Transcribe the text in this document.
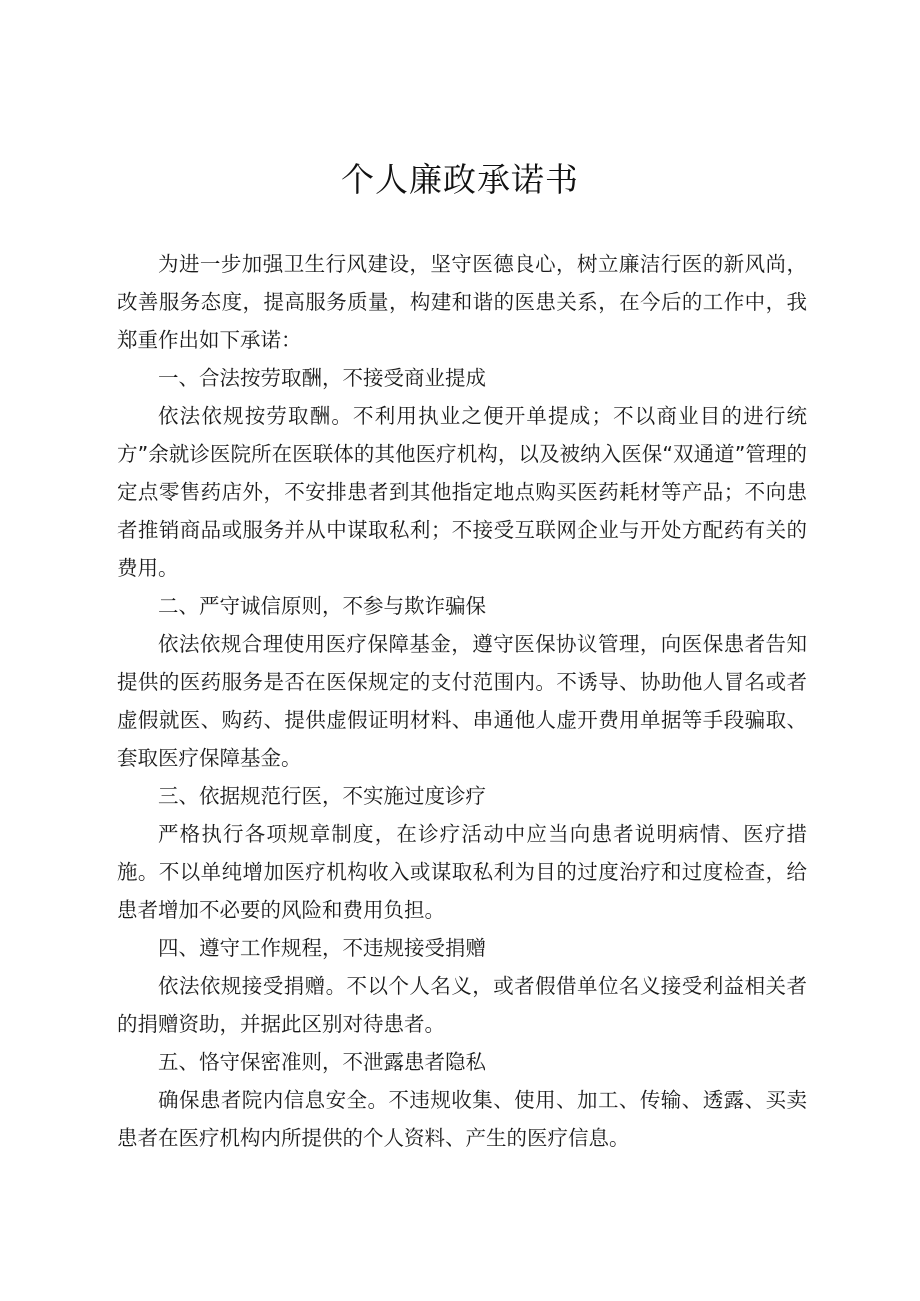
个人廉政承诺书

为进一步加强卫生行风建设，坚守医德良心，树立廉洁行医的新风尚，改善服务态度，提高服务质量，构建和谐的医患关系，在今后的工作中，我郑重作出如下承诺：

一、合法按劳取酬，不接受商业提成

依法依规按劳取酬。不利用执业之便开单提成；不以商业目的进行统方”余就诊医院所在医联体的其他医疗机构，以及被纳入医保“双通道”管理的定点零售药店外，不安排患者到其他指定地点购买医药耗材等产品；不向患者推销商品或服务并从中谋取私利；不接受互联网企业与开处方配药有关的费用。

二、严守诚信原则，不参与欺诈骗保

依法依规合理使用医疗保障基金，遵守医保协议管理，向医保患者告知提供的医药服务是否在医保规定的支付范围内。不诱导、协助他人冒名或者虚假就医、购药、提供虚假证明材料、串通他人虚开费用单据等手段骗取、套取医疗保障基金。

三、依据规范行医，不实施过度诊疗

严格执行各项规章制度，在诊疗活动中应当向患者说明病情、医疗措施。不以单纯增加医疗机构收入或谋取私利为目的过度治疗和过度检查，给患者增加不必要的风险和费用负担。

四、遵守工作规程，不违规接受捐赠

依法依规接受捐赠。不以个人名义，或者假借单位名义接受利益相关者的捐赠资助，并据此区别对待患者。

五、恪守保密准则，不泄露患者隐私

确保患者院内信息安全。不违规收集、使用、加工、传输、透露、买卖患者在医疗机构内所提供的个人资料、产生的医疗信息。
